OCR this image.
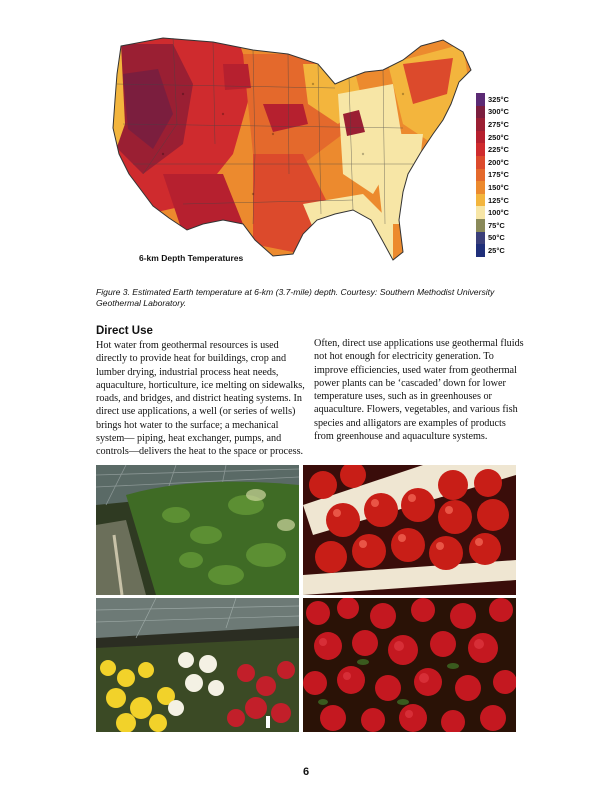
6-km Depth Temperatures
325°C
300°C
275°C
250°C
225°C
200°C
175°C
150°C
125°C
100°C
75°C
50°C
25°C
Figure 3. Estimated Earth temperature at 6-km (3.7-mile) depth. Courtesy: Southern Methodist University Geothermal Laboratory.
Direct Use
Hot water from geothermal resources is used directly to provide heat for buildings, crop and lumber drying, industrial process heat needs, aquaculture, horticulture, ice melting on sidewalks, roads, and bridges, and district heating systems. In direct use applications, a well (or series of wells) brings hot water to the surface; a mechanical system— piping, heat exchanger, pumps, and controls—delivers the heat to the space or process.
Often, direct use applications use geothermal fluids not hot enough for electricity generation. To improve efficiencies, used water from geothermal power plants can be ‘cascaded’ down for lower temperature uses, such as in greenhouses or aquaculture. Flowers, vegetables, and various fish species and alligators are examples of products from greenhouse and aquaculture systems.
6
